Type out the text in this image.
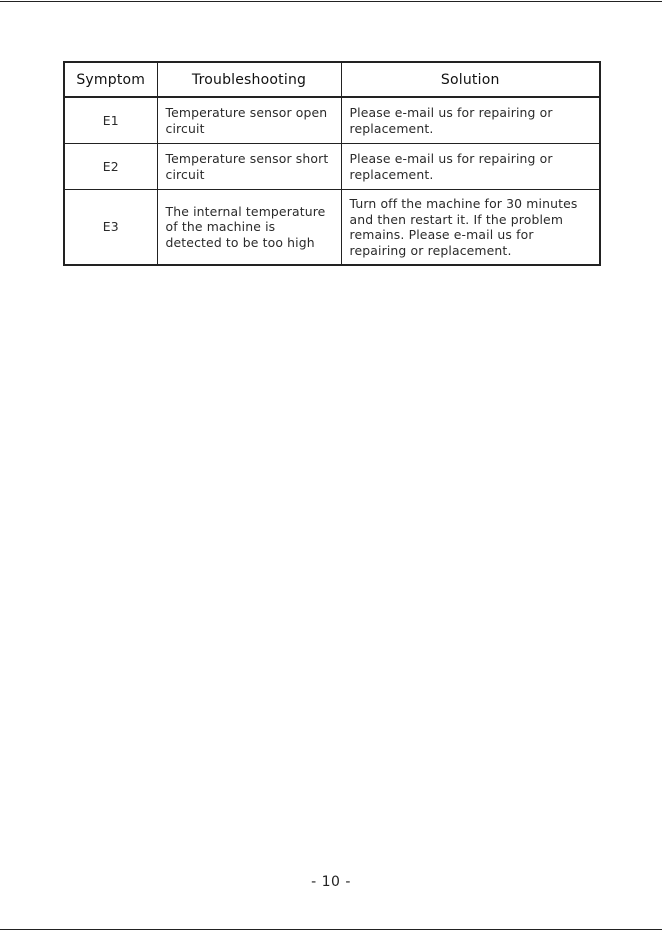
Symptom	Troubleshooting	Solution
E1	Temperature sensor open circuit	Please e-mail us for repairing or replacement.
E2	Temperature sensor short circuit	Please e-mail us for repairing or replacement.
E3	The internal temperature of the machine is detected to be too high	Turn off the machine for 30 minutes and then restart it. If the problem remains. Please e-mail us for repairing or replacement.
- 10 -
